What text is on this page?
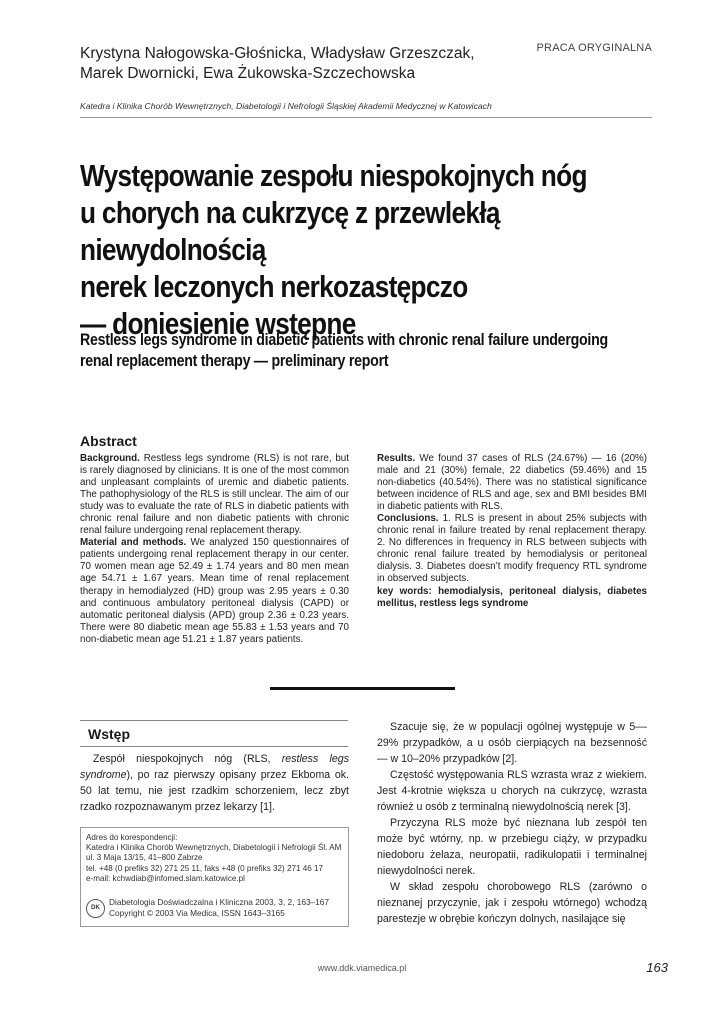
Krystyna Nałogowska-Głośnicka, Władysław Grzeszczak,
Marek Dwornicki, Ewa Żukowska-Szczechowska
PRACA ORYGINALNA
Katedra i Klinika Chorób Wewnętrznych, Diabetologii i Nefrologii Śląskiej Akademii Medycznej w Katowicach
Występowanie zespołu niespokojnych nóg
u chorych na cukrzycę z przewlekłą niewydolnością
nerek leczonych nerkozastępczo
— doniesienie wstępne
Restless legs syndrome in diabetic patients with chronic renal failure undergoing
renal replacement therapy — preliminary report
Abstract
Background. Restless legs syndrome (RLS) is not rare, but is rarely diagnosed by clinicians. It is one of the most common and unpleasant complaints of uremic and diabetic patients. The pathophysiology of the RLS is still unclear. The aim of our study was to evaluate the rate of RLS in diabetic patients with chronic renal failure and non diabetic patients with chronic renal failure undergoing renal replacement therapy.
Material and methods. We analyzed 150 questionnaires of patients undergoing renal replacement therapy in our center. 70 women mean age 52.49 ± 1.74 years and 80 men mean age 54.71 ± 1.67 years. Mean time of renal replacement therapy in hemodialyzed (HD) group was 2.95 years ± 0.30 and continuous ambulatory peritoneal dialysis (CAPD) or automatic peritoneal dialysis (APD) group 2.36 ± 0.23 years. There were 80 diabetic mean age 55.83 ± 1.53 years and 70 non-diabetic mean age 51.21 ± 1.87 years patients.
Results. We found 37 cases of RLS (24.67%) — 16 (20%) male and 21 (30%) female, 22 diabetics (59.46%) and 15 non-diabetics (40.54%). There was no statistical significance between incidence of RLS and age, sex and BMI besides BMI in diabetic patients with RLS.
Conclusions. 1. RLS is present in about 25% subjects with chronic renal in failure treated by renal replacement therapy. 2. No differences in frequency in RLS between subjects with chronic renal failure treated by hemodialysis or peritoneal dialysis. 3. Diabetes doesn’t modify frequency RTL syndrome in observed subjects.
key words: hemodialysis, peritoneal dialysis, diabetes mellitus, restless legs syndrome
Wstęp

Zespół niespokojnych nóg (RLS, restless legs syndrome), po raz pierwszy opisany przez Ekboma ok. 50 lat temu, nie jest rzadkim schorzeniem, lecz zbyt rzadko rozpoznawanym przez lekarzy [1].

Adres do korespondencji:
Katedra i Klinika Chorób Wewnętrznych, Diabetologii i Nefrologii Śl. AM
ul. 3 Maja 13/15, 41–800 Zabrze
tel. +48 (0 prefiks 32) 271 25 11, faks +48 (0 prefiks 32) 271 46 17
e-mail: kchwdiab@infomed.slam.katowice.pl
DK
Diabetologia Doświadczalna i Kliniczna 2003, 3, 2, 163–167
Copyright © 2003 Via Medica, ISSN 1643–3165

Szacuje się, że w populacji ogólnej występuje w 5––29% przypadków, a u osób cierpiących na bezsenność — w 10–20% przypadków [2].

Częstość występowania RLS wzrasta wraz z wiekiem. Jest 4-krotnie większa u chorych na cukrzycę, wzrasta również u osób z terminalną niewydolnością nerek [3].

Przyczyna RLS może być nieznana lub zespół ten może być wtórny, np. w przebiegu ciąży, w przypadku niedoboru żelaza, neuropatii, radikulopatii i terminalnej niewydolności nerek.

W skład zespołu chorobowego RLS (zarówno o nieznanej przyczynie, jak i zespołu wtórnego) wchodzą parestezje w obrębie kończyn dolnych, nasilające się

www.ddk.viamedica.pl	163
